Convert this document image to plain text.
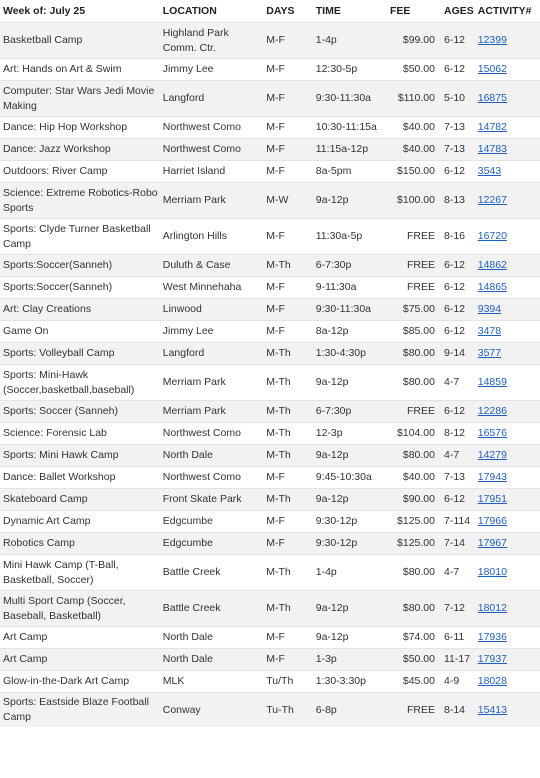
Week of: July 25	LOCATION	DAYS	TIME	FEE	AGES	ACTIVITY#
Basketball Camp	Highland Park Comm. Ctr.	M-F	1-4p	$99.00	6-12	12399
Art: Hands on Art & Swim	Jimmy Lee	M-F	12:30-5p	$50.00	6-12	15062
Computer: Star Wars Jedi Movie Making	Langford	M-F	9:30-11:30a	$110.00	5-10	16875
Dance: Hip Hop Workshop	Northwest Como	M-F	10:30-11:15a	$40.00	7-13	14782
Dance: Jazz Workshop	Northwest Como	M-F	11:15a-12p	$40.00	7-13	14783
Outdoors: River Camp	Harriet Island	M-F	8a-5pm	$150.00	6-12	3543
Science: Extreme Robotics-Robo Sports	Merriam Park	M-W	9a-12p	$100.00	8-13	12267
Sports: Clyde Turner Basketball Camp	Arlington Hills	M-F	11:30a-5p	FREE	8-16	16720
Sports:Soccer(Sanneh)	Duluth & Case	M-Th	6-7:30p	FREE	6-12	14862
Sports:Soccer(Sanneh)	West Minnehaha	M-F	9-11:30a	FREE	6-12	14865
Art: Clay Creations	Linwood	M-F	9:30-11:30a	$75.00	6-12	9394
Game On	Jimmy Lee	M-F	8a-12p	$85.00	6-12	3478
Sports: Volleyball Camp	Langford	M-Th	1:30-4:30p	$80.00	9-14	3577
Sports: Mini-Hawk (Soccer,basketball,baseball)	Merriam Park	M-Th	9a-12p	$80.00	4-7	14859
Sports: Soccer (Sanneh)	Merriam Park	M-Th	6-7:30p	FREE	6-12	12286
Science: Forensic Lab	Northwest Como	M-Th	12-3p	$104.00	8-12	16576
Sports: Mini Hawk Camp	North Dale	M-Th	9a-12p	$80.00	4-7	14279
Dance: Ballet Workshop	Northwest Como	M-F	9:45-10:30a	$40.00	7-13	17943
Skateboard Camp	Front Skate Park	M-Th	9a-12p	$90.00	6-12	17951
Dynamic Art Camp	Edgcumbe	M-F	9:30-12p	$125.00	7-114	17966
Robotics Camp	Edgcumbe	M-F	9:30-12p	$125.00	7-14	17967
Mini Hawk Camp (T-Ball, Basketball, Soccer)	Battle Creek	M-Th	1-4p	$80.00	4-7	18010
Multi Sport Camp (Soccer, Baseball, Basketball)	Battle Creek	M-Th	9a-12p	$80.00	7-12	18012
Art Camp	North Dale	M-F	9a-12p	$74.00	6-11	17936
Art Camp	North Dale	M-F	1-3p	$50.00	11-17	17937
Glow-in-the-Dark Art Camp	MLK	Tu/Th	1:30-3:30p	$45.00	4-9	18028
Sports: Eastside Blaze Football Camp	Conway	Tu-Th	6-8p	FREE	8-14	15413
